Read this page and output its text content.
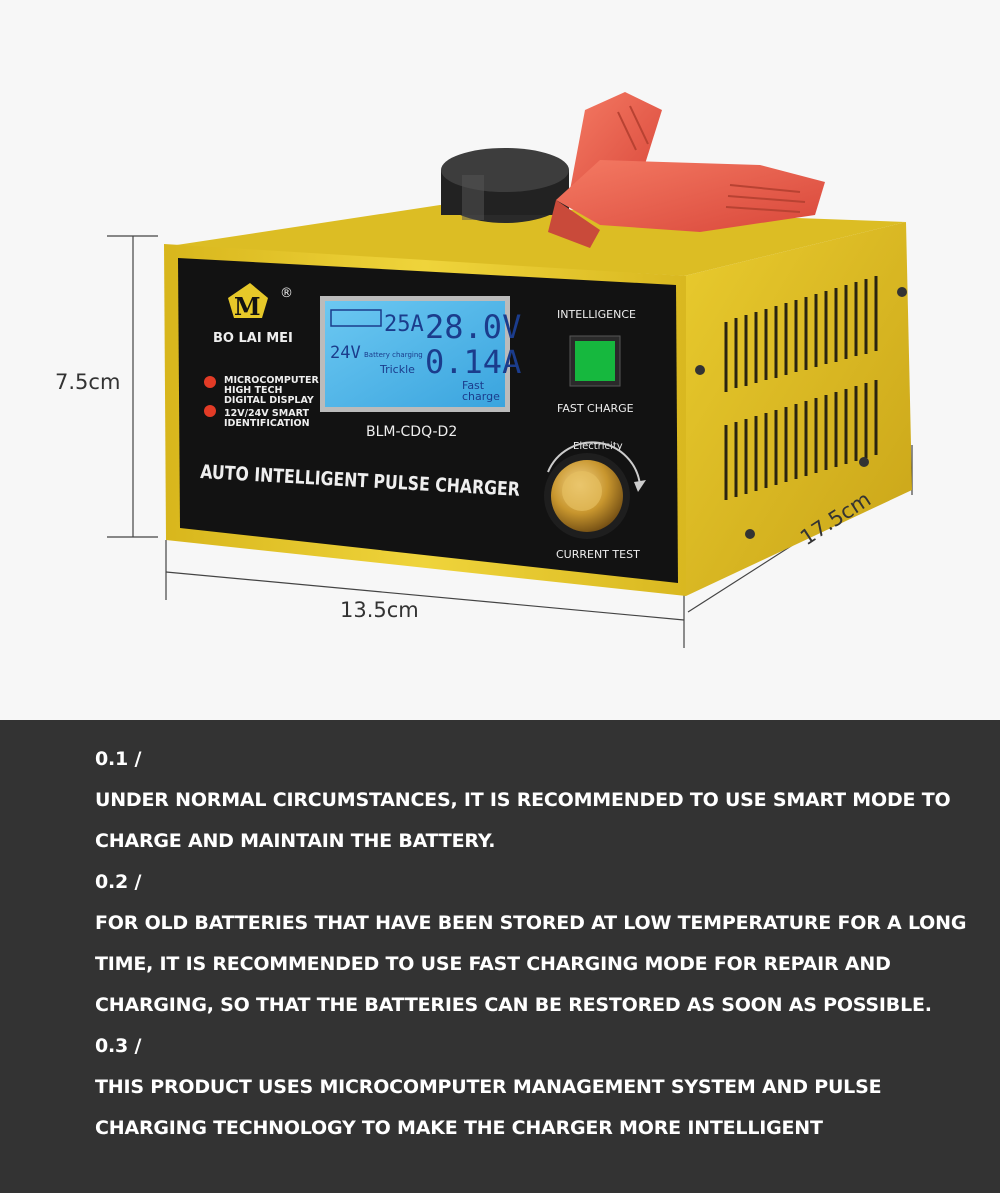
M ®
BO LAI MEI
MICROCOMPUTER
HIGH TECH
DIGITAL DISPLAY
12V/24V SMART
IDENTIFICATION
25A 28.0V
24V Battery charging
Trickle 0.14A
Fast
charge
BLM-CDQ-D2
AUTO INTELLIGENT PULSE CHARGER
INTELLIGENCE
FAST CHARGE
Electricity
CURRENT TEST
7.5cm
13.5cm
17.5cm

0.1 /

UNDER NORMAL CIRCUMSTANCES, IT IS RECOMMENDED TO USE SMART MODE TO

CHARGE AND MAINTAIN THE BATTERY.

0.2 /

FOR OLD BATTERIES THAT HAVE BEEN STORED AT LOW TEMPERATURE FOR A LONG

TIME, IT IS RECOMMENDED TO USE FAST CHARGING MODE FOR REPAIR AND

CHARGING, SO THAT THE BATTERIES CAN BE RESTORED AS SOON AS POSSIBLE.

0.3 /

THIS PRODUCT USES MICROCOMPUTER MANAGEMENT SYSTEM AND PULSE

CHARGING TECHNOLOGY TO MAKE THE CHARGER MORE INTELLIGENT
